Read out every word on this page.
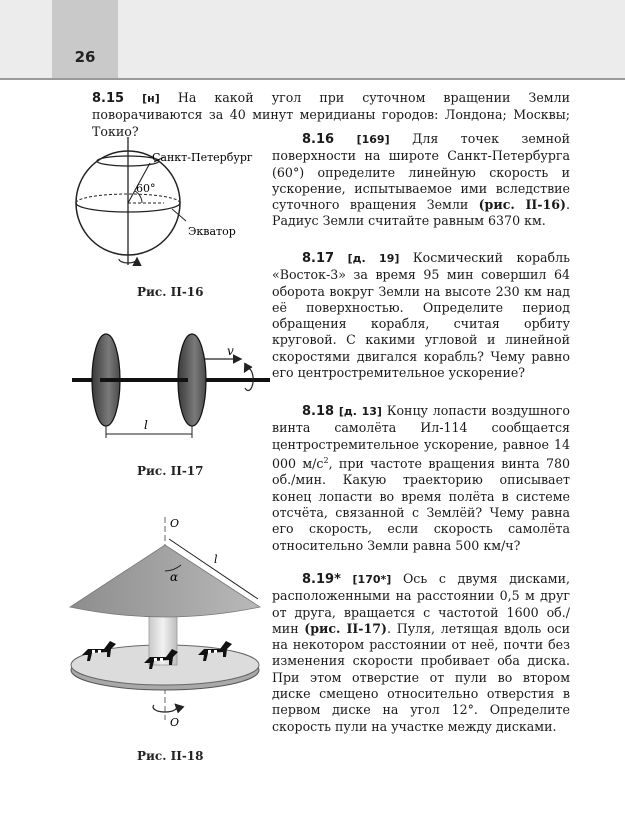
26
8.15 [н] На какой угол при суточном вращении Земли поворачиваются за 40 минут меридианы городов: Лондона; Москвы; Токио?
8.16 [169] Для точек земной поверхности на широте Санкт-Петербурга (60°) определите линейную скорость и ускорение, испытываемое ими вследствие суточного вращения Земли (рис. II-16). Радиус Земли считайте равным 6370 км.
8.17 [д. 19] Космический корабль «Восток-3» за время 95 мин совершил 64 оборота вокруг Земли на высоте 230 км над её поверхностью. Определите период обращения корабля, считая орбиту круговой. С какими угловой и линейной скоростями двигался корабль? Чему равно его центростремительное ускорение?
8.18 [д. 13] Концу лопасти воздушного винта самолёта Ил-114 сообщается центростремительное ускорение, равное 14 000 $м/с^2$, при частоте вращения винта 780 об./мин. Какую траекторию описывает конец лопасти во время полёта в системе отсчёта, связанной с Землёй? Чему равна его скорость, если скорость самолёта относительно Земли равна 500 км/ч?
8.19* [170*] Ось с двумя дисками, расположенными на расстоянии 0,5 м друг от друга, вращается с частотой 1600 об./мин (рис. II-17). Пуля, летящая вдоль оси на некотором расстоянии от неё, почти без изменения скорости пробивает оба диска. При этом отверстие от пули во втором диске смещено относительно отверстия в первом диске на угол 12°. Определите скорость пули на участке между дисками.
60°
Санкт-Петербург
Экватор
Рис. II-16
v
l
Рис. II-17
O
α
l
O
Рис. II-18
